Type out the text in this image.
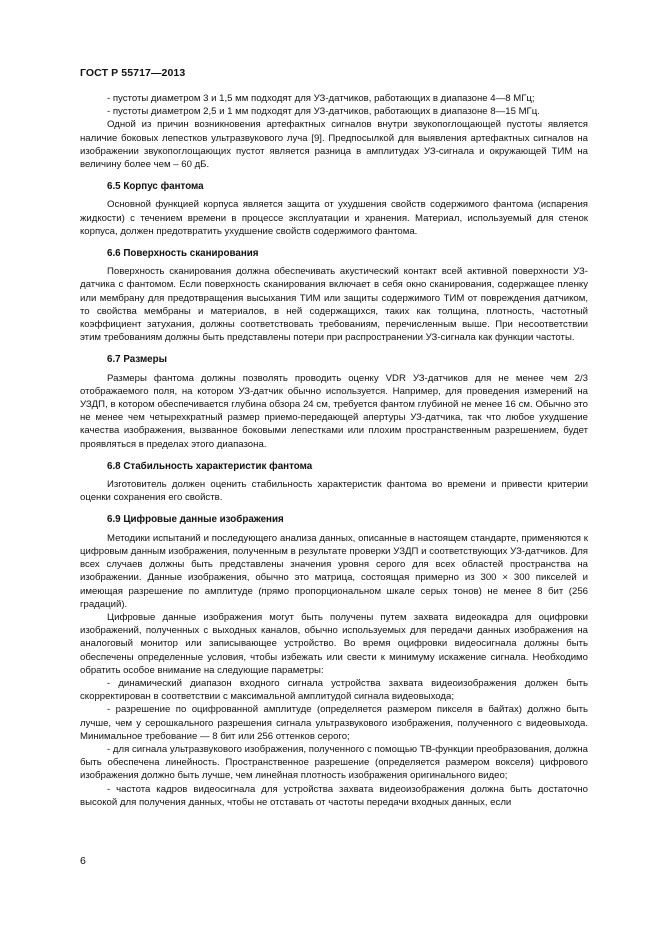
ГОСТ Р 55717—2013

- пустоты диаметром 3 и 1,5 мм подходят для УЗ-датчиков, работающих в диапазоне 4—8 МГц;

- пустоты диаметром 2,5 и 1 мм подходят для УЗ-датчиков, работающих в диапазоне 8—15 МГц.

Одной из причин возникновения артефактных сигналов внутри звукопоглощающей пустоты является наличие боковых лепестков ультразвукового луча [9]. Предпосылкой для выявления артефактных сигналов на изображении звукопоглощающих пустот является разница в амплитудах УЗ-сигнала и окружающей ТИМ на величину более чем – 60 дБ.

6.5 Корпус фантома

Основной функцией корпуса является защита от ухудшения свойств содержимого фантома (испарения жидкости) с течением времени в процессе эксплуатации и хранения. Материал, используемый для стенок корпуса, должен предотвратить ухудшение свойств содержимого фантома.

6.6 Поверхность сканирования

Поверхность сканирования должна обеспечивать акустический контакт всей активной поверхности УЗ-датчика с фантомом. Если поверхность сканирования включает в себя окно сканирования, содержащее пленку или мембрану для предотвращения высыхания ТИМ или защиты содержимого ТИМ от повреждения датчиком, то свойства мембраны и материалов, в ней содержащихся, таких как толщина, плотность, частотный коэффициент затухания, должны соответствовать требованиям, перечисленным выше. При несоответствии этим требованиям должны быть представлены потери при распространении УЗ-сигнала как функции частоты.

6.7 Размеры

Размеры фантома должны позволять проводить оценку VDR УЗ-датчиков для не менее чем 2/3 отображаемого поля, на котором УЗ-датчик обычно используется. Например, для проведения измерений на УЗДП, в котором обеспечивается глубина обзора 24 см, требуется фантом глубиной не менее 16 см. Обычно это не менее чем четырехкратный размер приемо-передающей апертуры УЗ-датчика, так что любое ухудшение качества изображения, вызванное боковыми лепестками или плохим пространственным разрешением, будет проявляться в пределах этого диапазона.

6.8 Стабильность характеристик фантома

Изготовитель должен оценить стабильность характеристик фантома во времени и привести критерии оценки сохранения его свойств.

6.9 Цифровые данные изображения

Методики испытаний и последующего анализа данных, описанные в настоящем стандарте, применяются к цифровым данным изображения, полученным в результате проверки УЗДП и соответствующих УЗ-датчиков. Для всех случаев должны быть представлены значения уровня серого для всех областей пространства на изображении. Данные изображения, обычно это матрица, состоящая примерно из 300 × 300 пикселей и имеющая разрешение по амплитуде (прямо пропорциональном шкале серых тонов) не менее 8 бит (256 градаций).

Цифровые данные изображения могут быть получены путем захвата видеокадра для оцифровки изображений, полученных с выходных каналов, обычно используемых для передачи данных изображения на аналоговый монитор или записывающее устройство. Во время оцифровки видеосигнала должны быть обеспечены определенные условия, чтобы избежать или свести к минимуму искажение сигнала. Необходимо обратить особое внимание на следующие параметры:

- динамический диапазон входного сигнала устройства захвата видеоизображения должен быть скорректирован в соответствии с максимальной амплитудой сигнала видеовыхода;

- разрешение по оцифрованной амплитуде (определяется размером пикселя в байтах) должно быть лучше, чем у серошкального разрешения сигнала ультразвукового изображения, полученного с видеовыхода. Минимальное требование — 8 бит или 256 оттенков серого;

- для сигнала ультразвукового изображения, полученного с помощью ТВ-функции преобразования, должна быть обеспечена линейность. Пространственное разрешение (определяется размером вокселя) цифрового изображения должно быть лучше, чем линейная плотность изображения оригинального видео;

- частота кадров видеосигнала для устройства захвата видеоизображения должна быть достаточно высокой для получения данных, чтобы не отставать от частоты передачи входных данных, если

6
